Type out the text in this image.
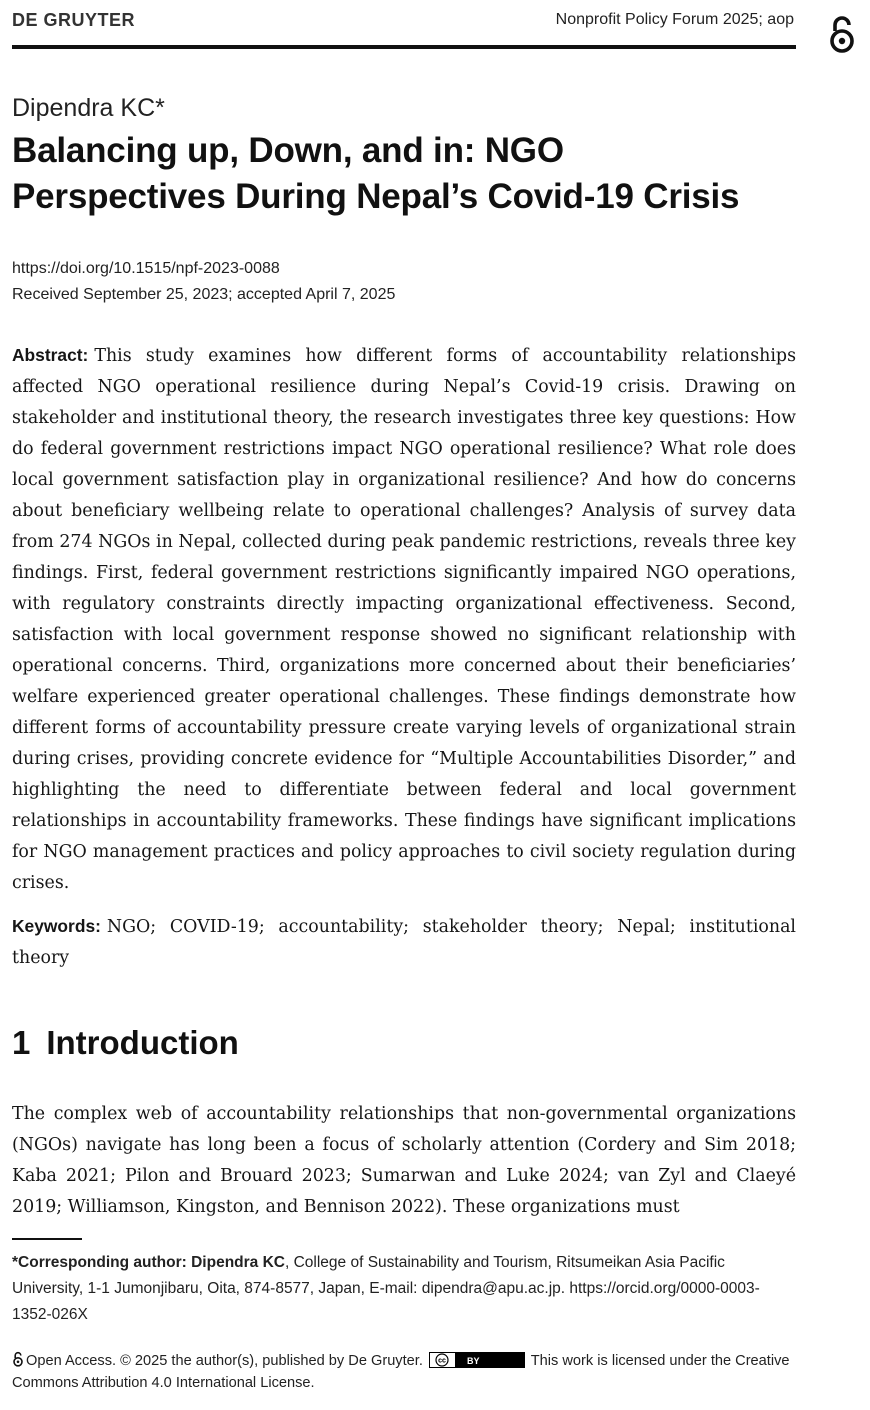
DE GRUYTER	Nonprofit Policy Forum 2025; aop
Dipendra KC*
Balancing up, Down, and in: NGO
Perspectives During Nepal’s Covid-19 Crisis
https://doi.org/10.1515/npf-2023-0088
Received September 25, 2023; accepted April 7, 2025

Abstract: This study examines how different forms of accountability relationships affected NGO operational resilience during Nepal’s Covid-19 crisis. Drawing on stakeholder and institutional theory, the research investigates three key questions: How do federal government restrictions impact NGO operational resilience? What role does local government satisfaction play in organizational resilience? And how do concerns about beneficiary wellbeing relate to operational challenges? Analysis of survey data from 274 NGOs in Nepal, collected during peak pandemic restrictions, reveals three key findings. First, federal government restrictions significantly impaired NGO operations, with regulatory constraints directly impacting organizational effectiveness. Second, satisfaction with local government response showed no significant relationship with operational concerns. Third, organizations more concerned about their beneficiaries’ welfare experienced greater operational challenges. These findings demonstrate how different forms of accountability pressure create varying levels of organizational strain during crises, providing concrete evidence for “Multiple Accountabilities Disorder,” and highlighting the need to differentiate between federal and local government relationships in accountability frameworks. These findings have significant implications for NGO management practices and policy approaches to civil society regulation during crises.

Keywords: NGO; COVID-19; accountability; stakeholder theory; Nepal; institutional theory

1 Introduction

The complex web of accountability relationships that non-governmental organizations (NGOs) navigate has long been a focus of scholarly attention (Cordery and Sim 2018; Kaba 2021; Pilon and Brouard 2023; Sumarwan and Luke 2024; van Zyl and Claeyé 2019; Williamson, Kingston, and Bennison 2022). These organizations must

*Corresponding author: Dipendra KC, College of Sustainability and Tourism, Ritsumeikan Asia Pacific University, 1-1 Jumonjibaru, Oita, 874-8577, Japan, E-mail: dipendra@apu.ac.jp. https://orcid.org/0000-0003-1352-026X

Open Access. © 2025 the author(s), published by De Gruyter. cc BY	This work is licensed under the Creative Commons Attribution 4.0 International License.
